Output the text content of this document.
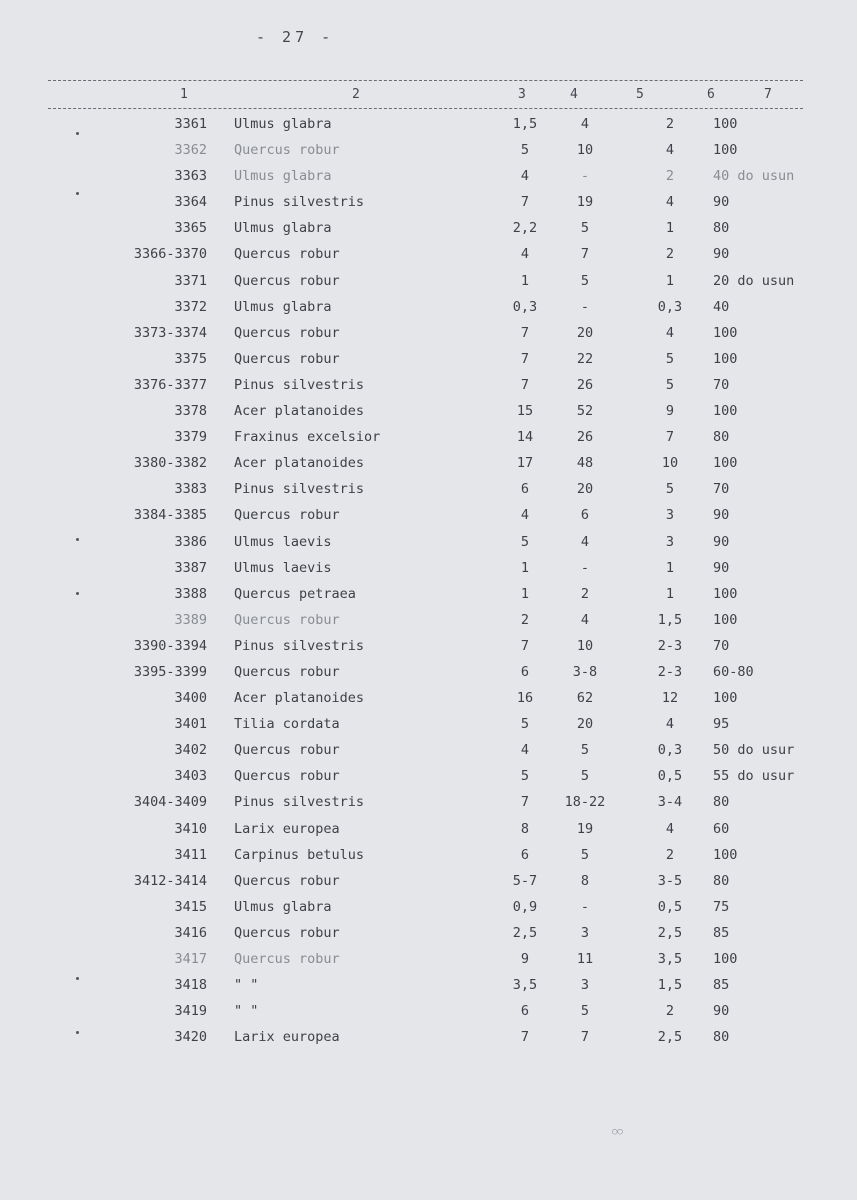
- 27 -
1	2	3	4	5	6	7
3361 Ulmus glabra	1,5	4	2	100
3362 Quercus robur	5	10	4	100
3363 Ulmus glabra	4	-	2	40 do usun
3364 Pinus silvestris	7	19	4	90
3365 Ulmus glabra	2,2	5	1	80
3366-3370 Quercus robur	4	7	2	90
3371 Quercus robur	1	5	1	20 do usun
3372 Ulmus glabra	0,3	-	0,3	40
3373-3374 Quercus robur	7	20	4	100
3375 Quercus robur	7	22	5	100
3376-3377 Pinus silvestris	7	26	5	70
3378 Acer platanoides	15	52	9	100
3379 Fraxinus excelsior	14	26	7	80
3380-3382 Acer platanoides	17	48	10	100
3383 Pinus silvestris	6	20	5	70
3384-3385 Quercus robur	4	6	3	90
3386 Ulmus laevis	5	4	3	90
3387 Ulmus laevis	1	-	1	90
3388 Quercus petraea	1	2	1	100
3389 Quercus robur	2	4	1,5	100
3390-3394 Pinus silvestris	7	10	2-3	70
3395-3399 Quercus robur	6	3-8	2-3	60-80
3400 Acer platanoides	16	62	12	100
3401 Tilia cordata	5	20	4	95
3402 Quercus robur	4	5	0,3	50 do usur
3403 Quercus robur	5	5	0,5	55 do usur
3404-3409 Pinus silvestris	7	18-22	3-4	80
3410 Larix europea	8	19	4	60
3411 Carpinus betulus	6	5	2	100
3412-3414 Quercus robur	5-7	8	3-5	80
3415 Ulmus glabra	0,9	-	0,5	75
3416 Quercus robur	2,5	3	2,5	85
3417 Quercus robur	9	11	3,5	100
3418 " "	3,5	3	1,5	85
3419 " "	6	5	2	90
3420 Larix europea	7	7	2,5	80
○○
